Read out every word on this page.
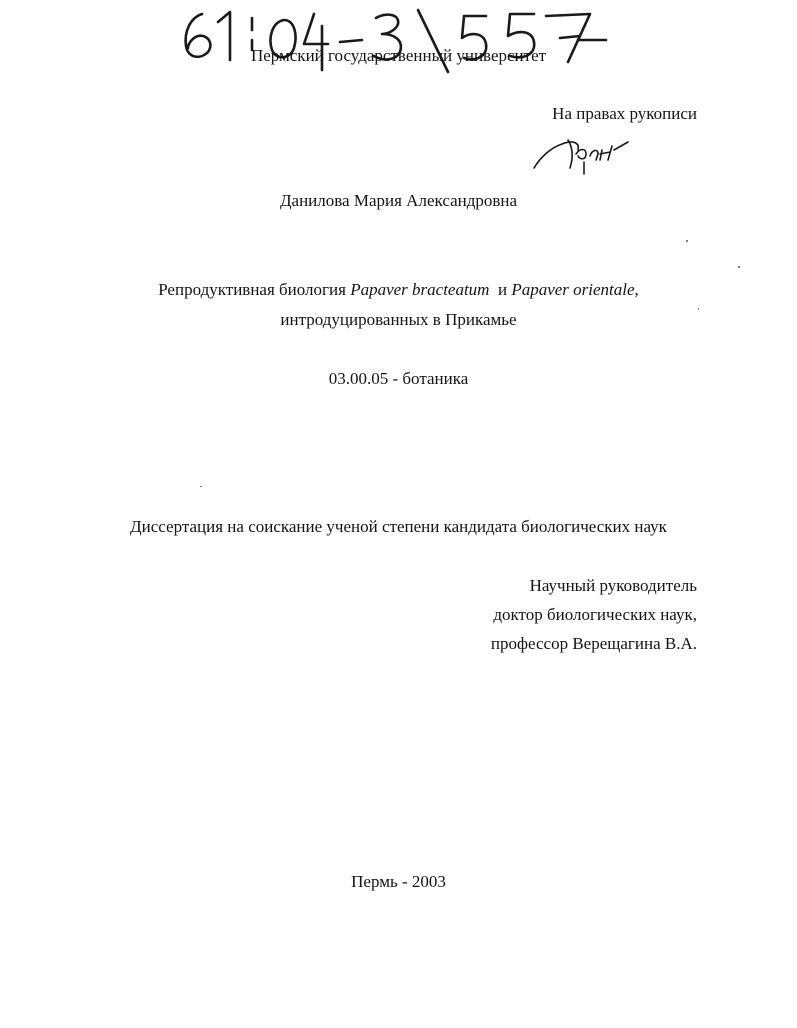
Пермский государственный университет
На правах рукописи
Данилова Мария Александровна
Репродуктивная биология Papaver bracteatum  и Papaver orientale,
интродуцированных в Прикамье
03.00.05 - ботаника
Диссертация на соискание ученой степени кандидата биологических наук
Научный руководитель
доктор биологических наук,
профессор Верещагина В.А.
Пермь - 2003
